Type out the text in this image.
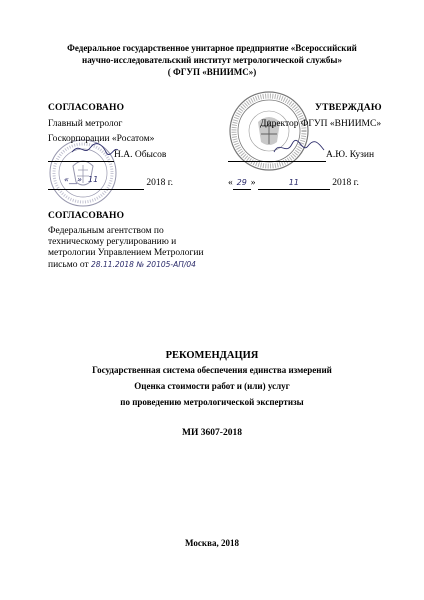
Федеральное государственное унитарное предприятие «Всероссийский
научно-исследовательский институт метрологической службы»
( ФГУП «ВНИИМС»)
СОГЛАСОВАНО
Главный метролог
Госкорпорации «Росатом»
Н.А. Обысов
«__» 11	2018 г.
УТВЕРЖДАЮ
Директор ФГУП «ВНИИМС»
А.Ю. Кузин
« 29 »	11	2018 г.
СОГЛАСОВАНО
Федеральным агентством по
техническому регулированию и
метрологии Управлением Метрологии
письмо от 28.11.2018 № 20105-АП/04
РЕКОМЕНДАЦИЯ
Государственная система обеспечения единства измерений
Оценка стоимости работ и (или) услуг
по проведению метрологической экспертизы
МИ 3607-2018
Москва, 2018
